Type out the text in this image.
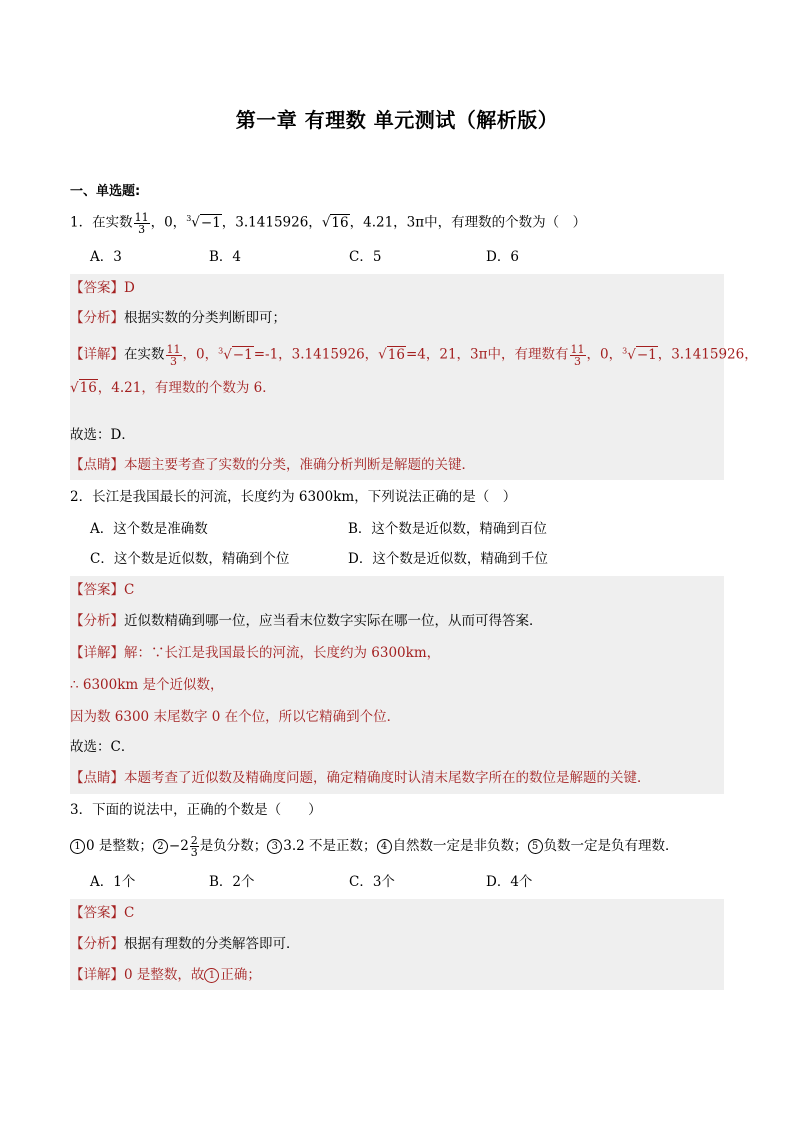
第一章 有理数 单元测试（解析版）
一、单选题:
1．在实数 $\frac{11}{3}$ ，0，$^3$√−1，3.1415926，√16，4.21，3π中，有理数的个数为（　）
A．3	B．4	C．5	D．6
【答案】D
【分析】根据实数的分类判断即可；
【详解】在实数 $\frac{11}{3}$ ，0，$^3$√−1=-1，3.1415926，√16=4，21，3π中，有理数有 $\frac{11}{3}$ ，0，$^3$√−1，3.1415926，
√16，4.21，有理数的个数为 6．
故选：D．
【点睛】本题主要考查了实数的分类，准确分析判断是解题的关键．
2．长江是我国最长的河流，长度约为 6300km，下列说法正确的是（　）
A．这个数是准确数	B．这个数是近似数，精确到百位
C．这个数是近似数，精确到个位	D．这个数是近似数，精确到千位
【答案】C
【分析】近似数精确到哪一位，应当看末位数字实际在哪一位，从而可得答案．
【详解】解：∵长江是我国最长的河流，长度约为 6300km，
∴ 6300km 是个近似数，
因为数 6300 末尾数字 0 在个位，所以它精确到个位．
故选：C．
【点睛】本题考查了近似数及精确度问题，确定精确度时认清末尾数字所在的数位是解题的关键．
3．下面的说法中，正确的个数是（　　）
1 0 是整数； $2 -2 \frac{2}{3}$ 是负分数； 3 3.2 不是正数； 4 自然数一定是非负数； 5 负数一定是负有理数．
A．1个	B．2个	C．3个	D．4个
【答案】C
【分析】根据有理数的分类解答即可．
【详解】0 是整数，故 1 正确；
